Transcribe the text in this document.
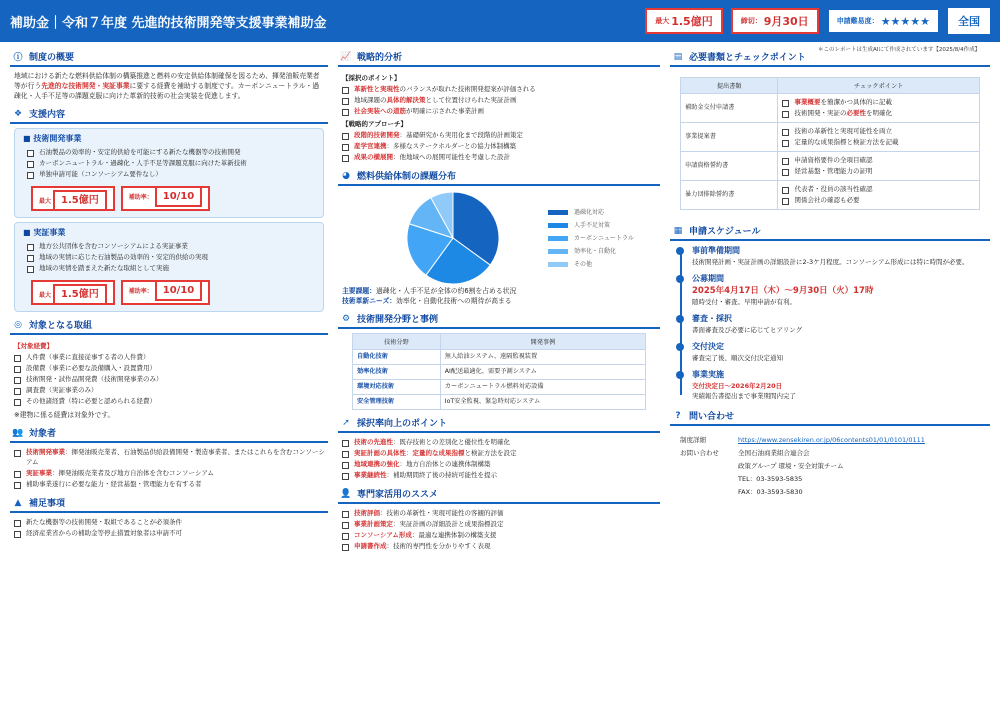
補助金｜令和７年度 先進的技術開発等支援事業補助金	最大 1.5億円	締切： 9月30日	申請難易度： ★★★★★	全国
＊このレポートは生成AIにて作成されています【2025/8/4作成】
ⓘ 制度の概要
地域における新たな燃料供給体制の構築推進と燃料の安定供給体制確保を図るため、揮発油販売業者等が行う先進的な技術開発・実証事業に要する経費を補助する制度です。カーボンニュートラル・過疎化・人手不足等の課題克服に向けた革新的技術の社会実装を促進します。
❖ 支援内容
■ 技術開発事業
石油製品の効率的・安定的供給を可能にする新たな機器等の技術開発
カーボンニュートラル・過疎化・人手不足等課題克服に向けた革新技術
単独申請可能（コンソーシアム要件なし）
最大 1.5億円	補助率： 10/10
■ 実証事業
地方公共団体を含むコンソーシアムによる実証事業
地域の実情に応じた石油製品の効率的・安定的供給の実現
地域の実情を踏まえた新たな取組として実施
最大 1.5億円	補助率： 10/10
◎ 対象となる取組
【対象経費】
人件費（事業に直接従事する者の人件費）
設備費（事業に必要な設備購入・設置費用）
技術開発・試作品開発費（技術開発事業のみ）
調査費（実証事業のみ）
その他諸経費（特に必要と認められる経費）
※建物に係る経費は対象外です。
👥 対象者
技術開発事業：揮発油販売業者、石油製品供給設備開発・製造事業者、またはこれらを含むコンソーシアム
実証事業：揮発油販売業者及び地方自治体を含むコンソーシアム
補助事業遂行に必要な能力・経営基盤・管理能力を有する者
▲ 補足事項
新たな機器等の技術開発・取組であることが必須条件
経済産業省からの補助金等停止措置対象者は申請不可
📈 戦略的分析
【採択のポイント】
革新性と実現性のバランスが取れた技術開発提案が評価される
地域課題の具体的解決策として位置付けられた実証計画
社会実装への道筋が明確に示された事業計画
【戦略的アプローチ】
段階的技術開発：基礎研究から実用化まで段階的計画策定
産学官連携：多様なステークホルダーとの協力体制構築
成果の横展開：他地域への展開可能性を考慮した設計
◕ 燃料供給体制の課題分布
過疎化対応
人手不足対策
カーボンニュートラル
効率化・自動化
その他
主要課題：過疎化・人手不足が全体の約6割を占める状況
技術革新ニーズ：効率化・自動化技術への期待が高まる
⚙ 技術開発分野と事例
技術分野	開発事例
自動化技術	無人給油システム、遠隔監視装置
効率化技術	AI配送最適化、需要予測システム
環境対応技術	カーボンニュートラル燃料対応設備
安全管理技術	IoT安全監視、緊急時対応システム
➚ 採択率向上のポイント
技術の先進性：既存技術との差別化と優位性を明確化
実証計画の具体性：定量的な成果指標と検証方法を設定
地域連携の強化：地方自治体との連携体制構築
事業継続性：補助期間終了後の持続可能性を提示
👤 専門家活用のススメ
技術評価：技術の革新性・実現可能性の客観的評価
事業計画策定：実証計画の詳細設計と成果指標設定
コンソーシアム形成：最適な連携体制の構築支援
申請書作成：技術的専門性を分かりやすく表現
▤ 必要書類とチェックポイント
提出書類	チェックポイント
補助金交付申請書	事業概要を簡潔かつ具体的に記載
技術開発・実証の必要性を明確化

事業提案書	技術の革新性と実現可能性を両立
定量的な成果指標と検証方法を記載

申請資格誓約書	申請資格要件の全項目確認
経営基盤・管理能力の証明

暴力団排除誓約書	代表者・役員の該当性確認
関係会社の確認も必要
▦ 申請スケジュール
事前準備期間
技術開発計画・実証計画の詳細設計に2-3ケ月程度。コンソーシアム形成には特に時間が必要。
公募期間
2025年4月17日（木）〜9月30日（火）17時
随時受付・審査。早期申請が有利。
審査・採択
書面審査及び必要に応じてヒアリング
交付決定
審査完了後、順次交付決定通知
事業実施
交付決定日〜2026年2月20日
実績報告書提出まで事業期間内完了
? 問い合わせ
制度詳細	https://www.zensekiren.or.jp/06contents01/01/0101/0111
お問い合わせ	全国石油商業組合連合会
政策グループ 環境・安全対策チーム
TEL：03-3593-5835
FAX：03-3593-5830
